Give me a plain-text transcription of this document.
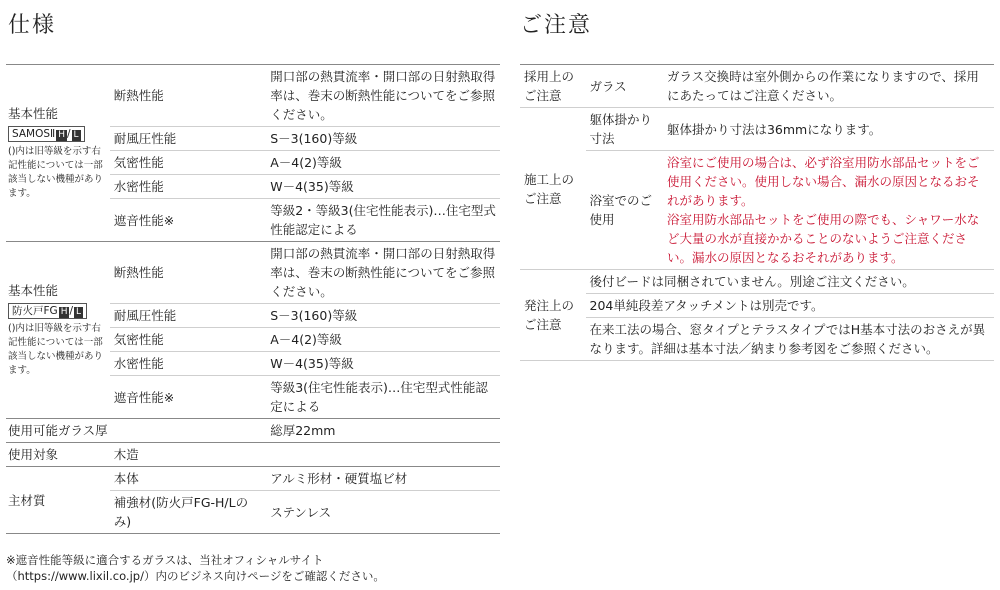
仕様	ご注意
基本性能
SAMOSⅡ H / L
()内は旧等級を示す右記性能については一部該当しない機種があります。	断熱性能	開口部の熱貫流率・開口部の日射熱取得率は、巻末の断熱性能についてをご参照ください。
	耐風圧性能	S－3(160)等級
	気密性能	A－4(2)等級
	水密性能	W－4(35)等級
	遮音性能※	等級2・等級3(住宅性能表示)…住宅型式性能認定による

基本性能
防火戸FG H / L
()内は旧等級を示す右記性能については一部該当しない機種があります。	断熱性能	開口部の熱貫流率・開口部の日射熱取得率は、巻末の断熱性能についてをご参照ください。
	耐風圧性能	S－3(160)等級
	気密性能	A－4(2)等級
	水密性能	W－4(35)等級
	遮音性能※	等級3(住宅性能表示)…住宅型式性能認定による
使用可能ガラス厚		総厚22mm
使用対象	木造	
主材質	本体	アルミ形材・硬質塩ビ材
	補強材(防火戸FG-H/Lのみ)	ステンレス
※遮音性能等級に適合するガラスは、当社オフィシャルサイト
（https://www.lixil.co.jp/）内のビジネス向けページをご確認ください。
採用上のご注意	ガラス	ガラス交換時は室外側からの作業になりますので、採用にあたってはご注意ください。
施工上のご注意	躯体掛かり寸法	躯体掛かり寸法は36mmになります。
	浴室でのご使用	浴室にご使用の場合は、必ず浴室用防水部品セットをご使用ください。使用しない場合、漏水の原因となるおそれがあります。
浴室用防水部品セットをご使用の際でも、シャワー水など大量の水が直接かかることのないようご注意ください。漏水の原因となるおそれがあります。

発注上のご注意	後付ビードは同梱されていません。別途ご注文ください。	
	204単純段差アタッチメントは別売です。	
	在来工法の場合、窓タイプとテラスタイプではH基本寸法のおさえが異なります。詳細は基本寸法／納まり参考図をご参照ください。	
